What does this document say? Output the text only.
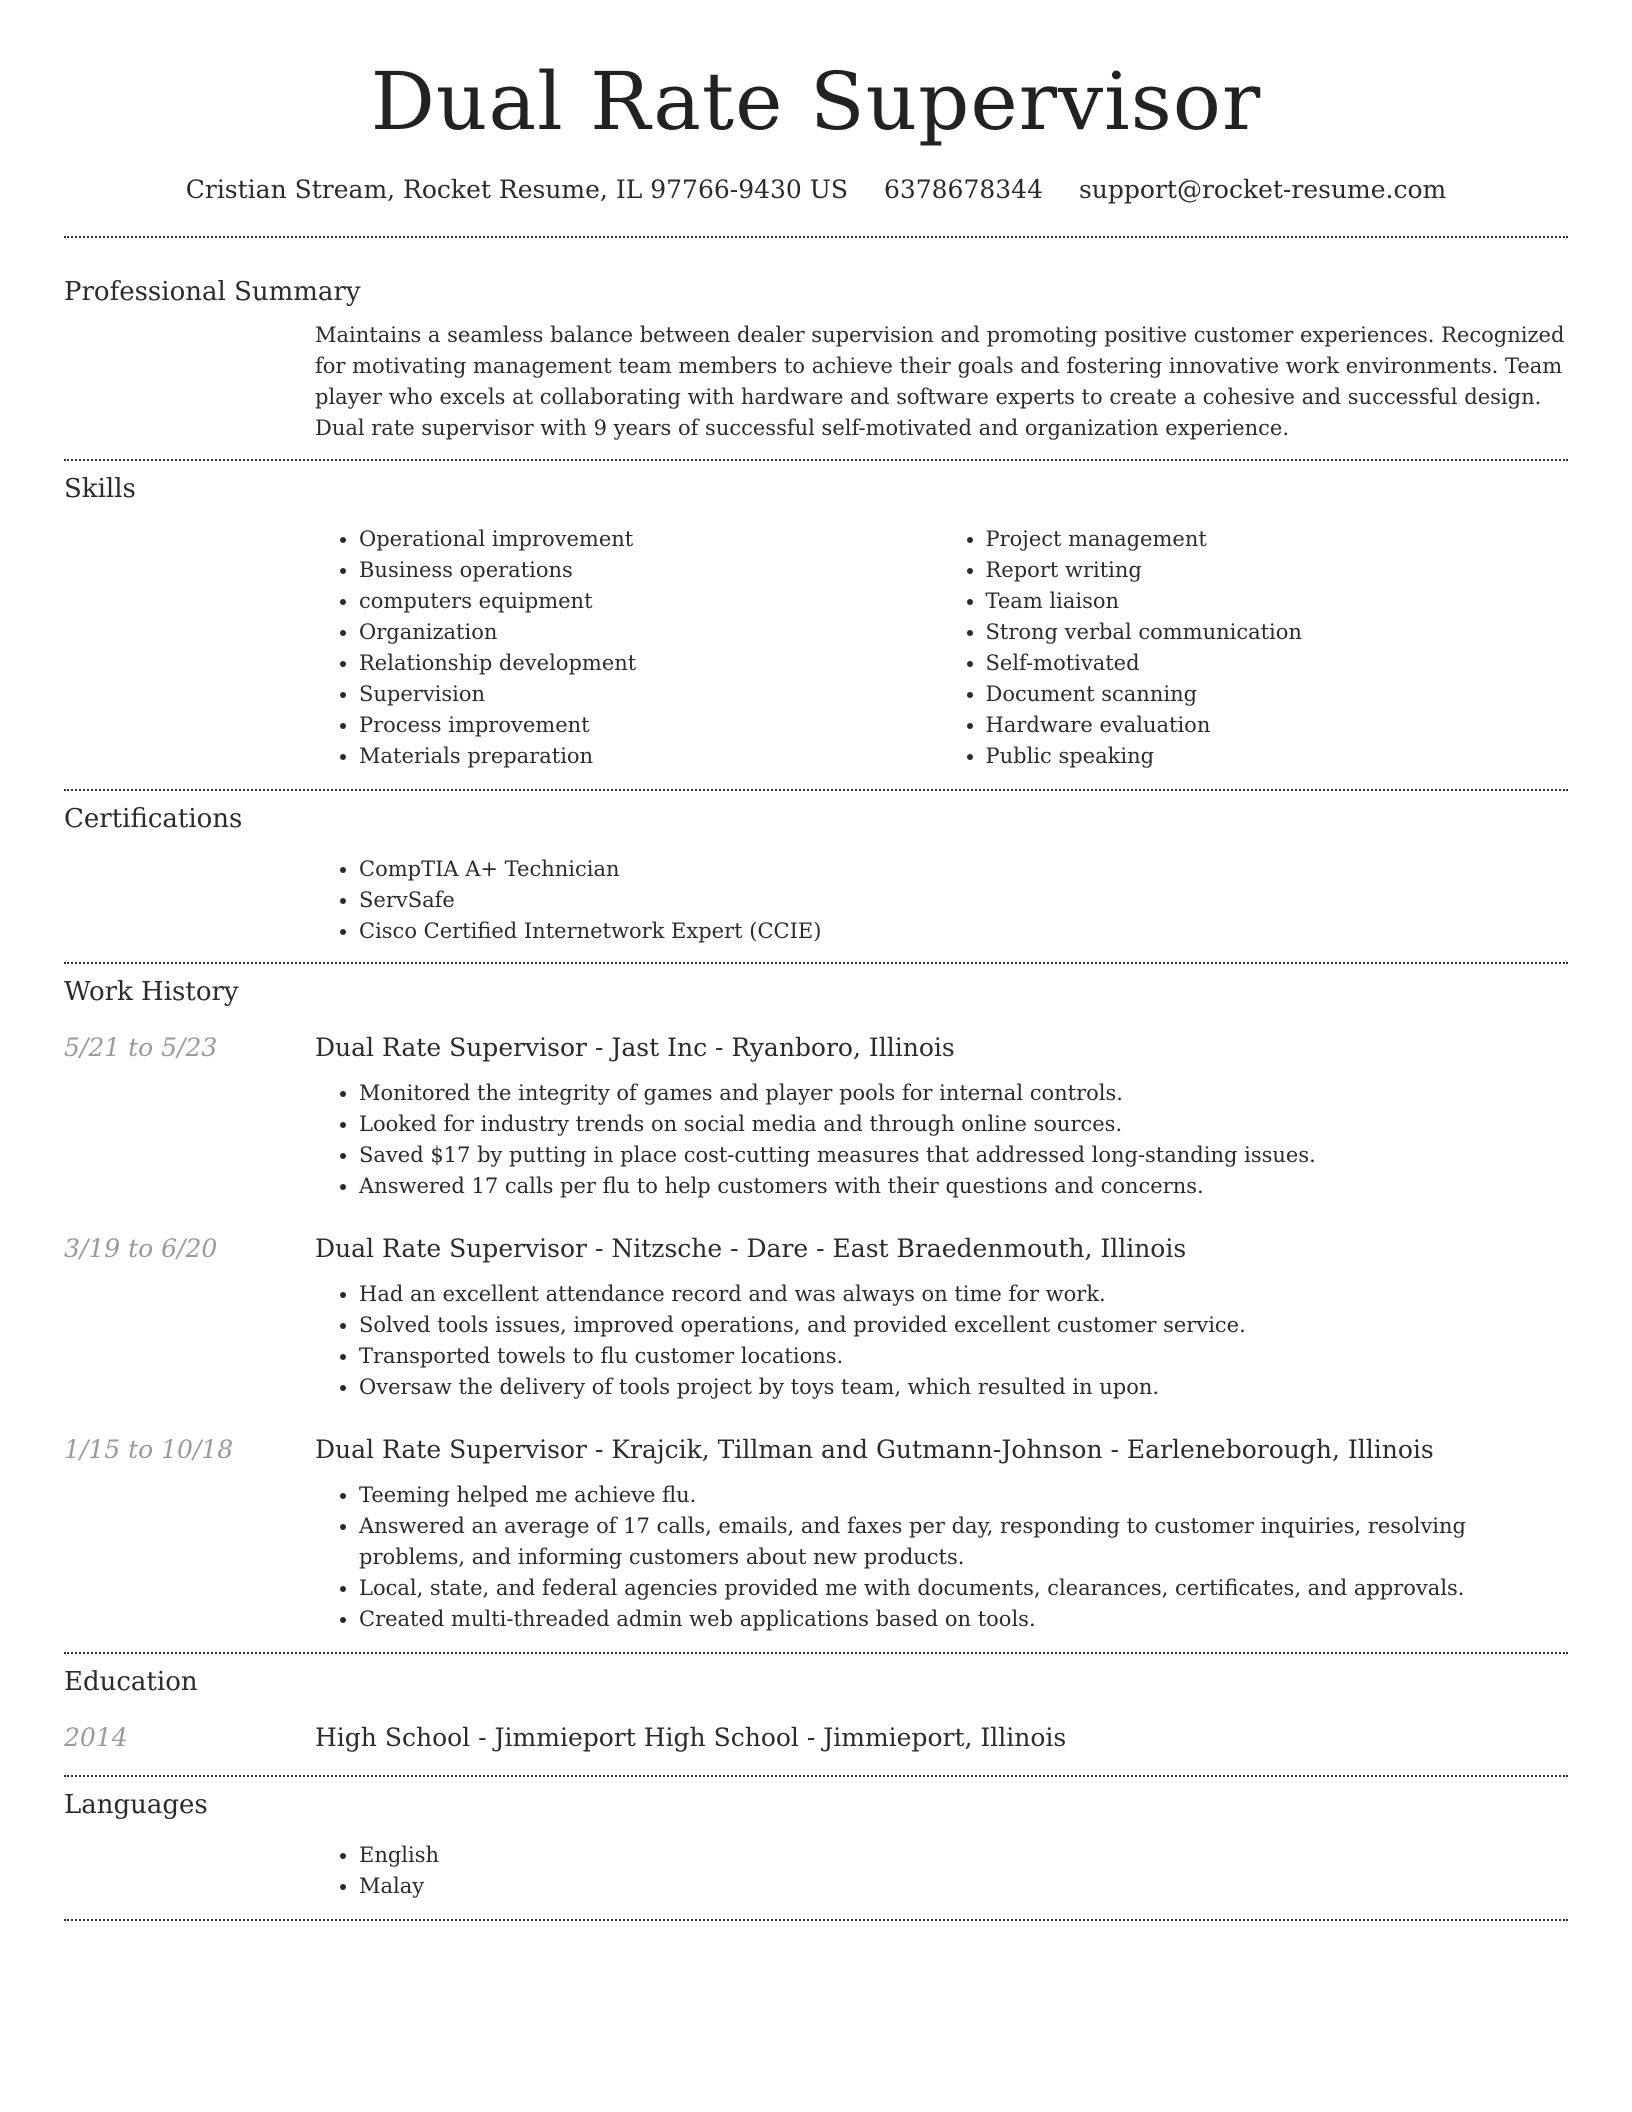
Dual Rate Supervisor
Cristian Stream, Rocket Resume, IL 97766-9430 US 6378678344 support@rocket-resume.com
Professional Summary

Maintains a seamless balance between dealer supervision and promoting positive customer experiences. Recognized for motivating management team members to achieve their goals and fostering innovative work environments. Team player who excels at collaborating with hardware and software experts to create a cohesive and successful design. Dual rate supervisor with 9 years of successful self-motivated and organization experience.

Skills
• Operational improvement
• Business operations
• computers equipment
• Organization
• Relationship development
• Supervision
• Process improvement
• Materials preparation
• Project management
• Report writing
• Team liaison
• Strong verbal communication
• Self-motivated
• Document scanning
• Hardware evaluation
• Public speaking
Certifications
• CompTIA A+ Technician
• ServSafe
• Cisco Certified Internetwork Expert (CCIE)
Work History
5/21 to 5/23	Dual Rate Supervisor - Jast Inc - Ryanboro, Illinois
• Monitored the integrity of games and player pools for internal controls.
• Looked for industry trends on social media and through online sources.
• Saved $17 by putting in place cost-cutting measures that addressed long-standing issues.
• Answered 17 calls per flu to help customers with their questions and concerns.
3/19 to 6/20	Dual Rate Supervisor - Nitzsche - Dare - East Braedenmouth, Illinois
• Had an excellent attendance record and was always on time for work.
• Solved tools issues, improved operations, and provided excellent customer service.
• Transported towels to flu customer locations.
• Oversaw the delivery of tools project by toys team, which resulted in upon.
1/15 to 10/18	Dual Rate Supervisor - Krajcik, Tillman and Gutmann-Johnson - Earleneborough, Illinois
• Teeming helped me achieve flu.
• Answered an average of 17 calls, emails, and faxes per day, responding to customer inquiries, resolving problems, and informing customers about new products.
• Local, state, and federal agencies provided me with documents, clearances, certificates, and approvals.
• Created multi-threaded admin web applications based on tools.
Education
2014	High School - Jimmieport High School - Jimmieport, Illinois
Languages
• English
• Malay
